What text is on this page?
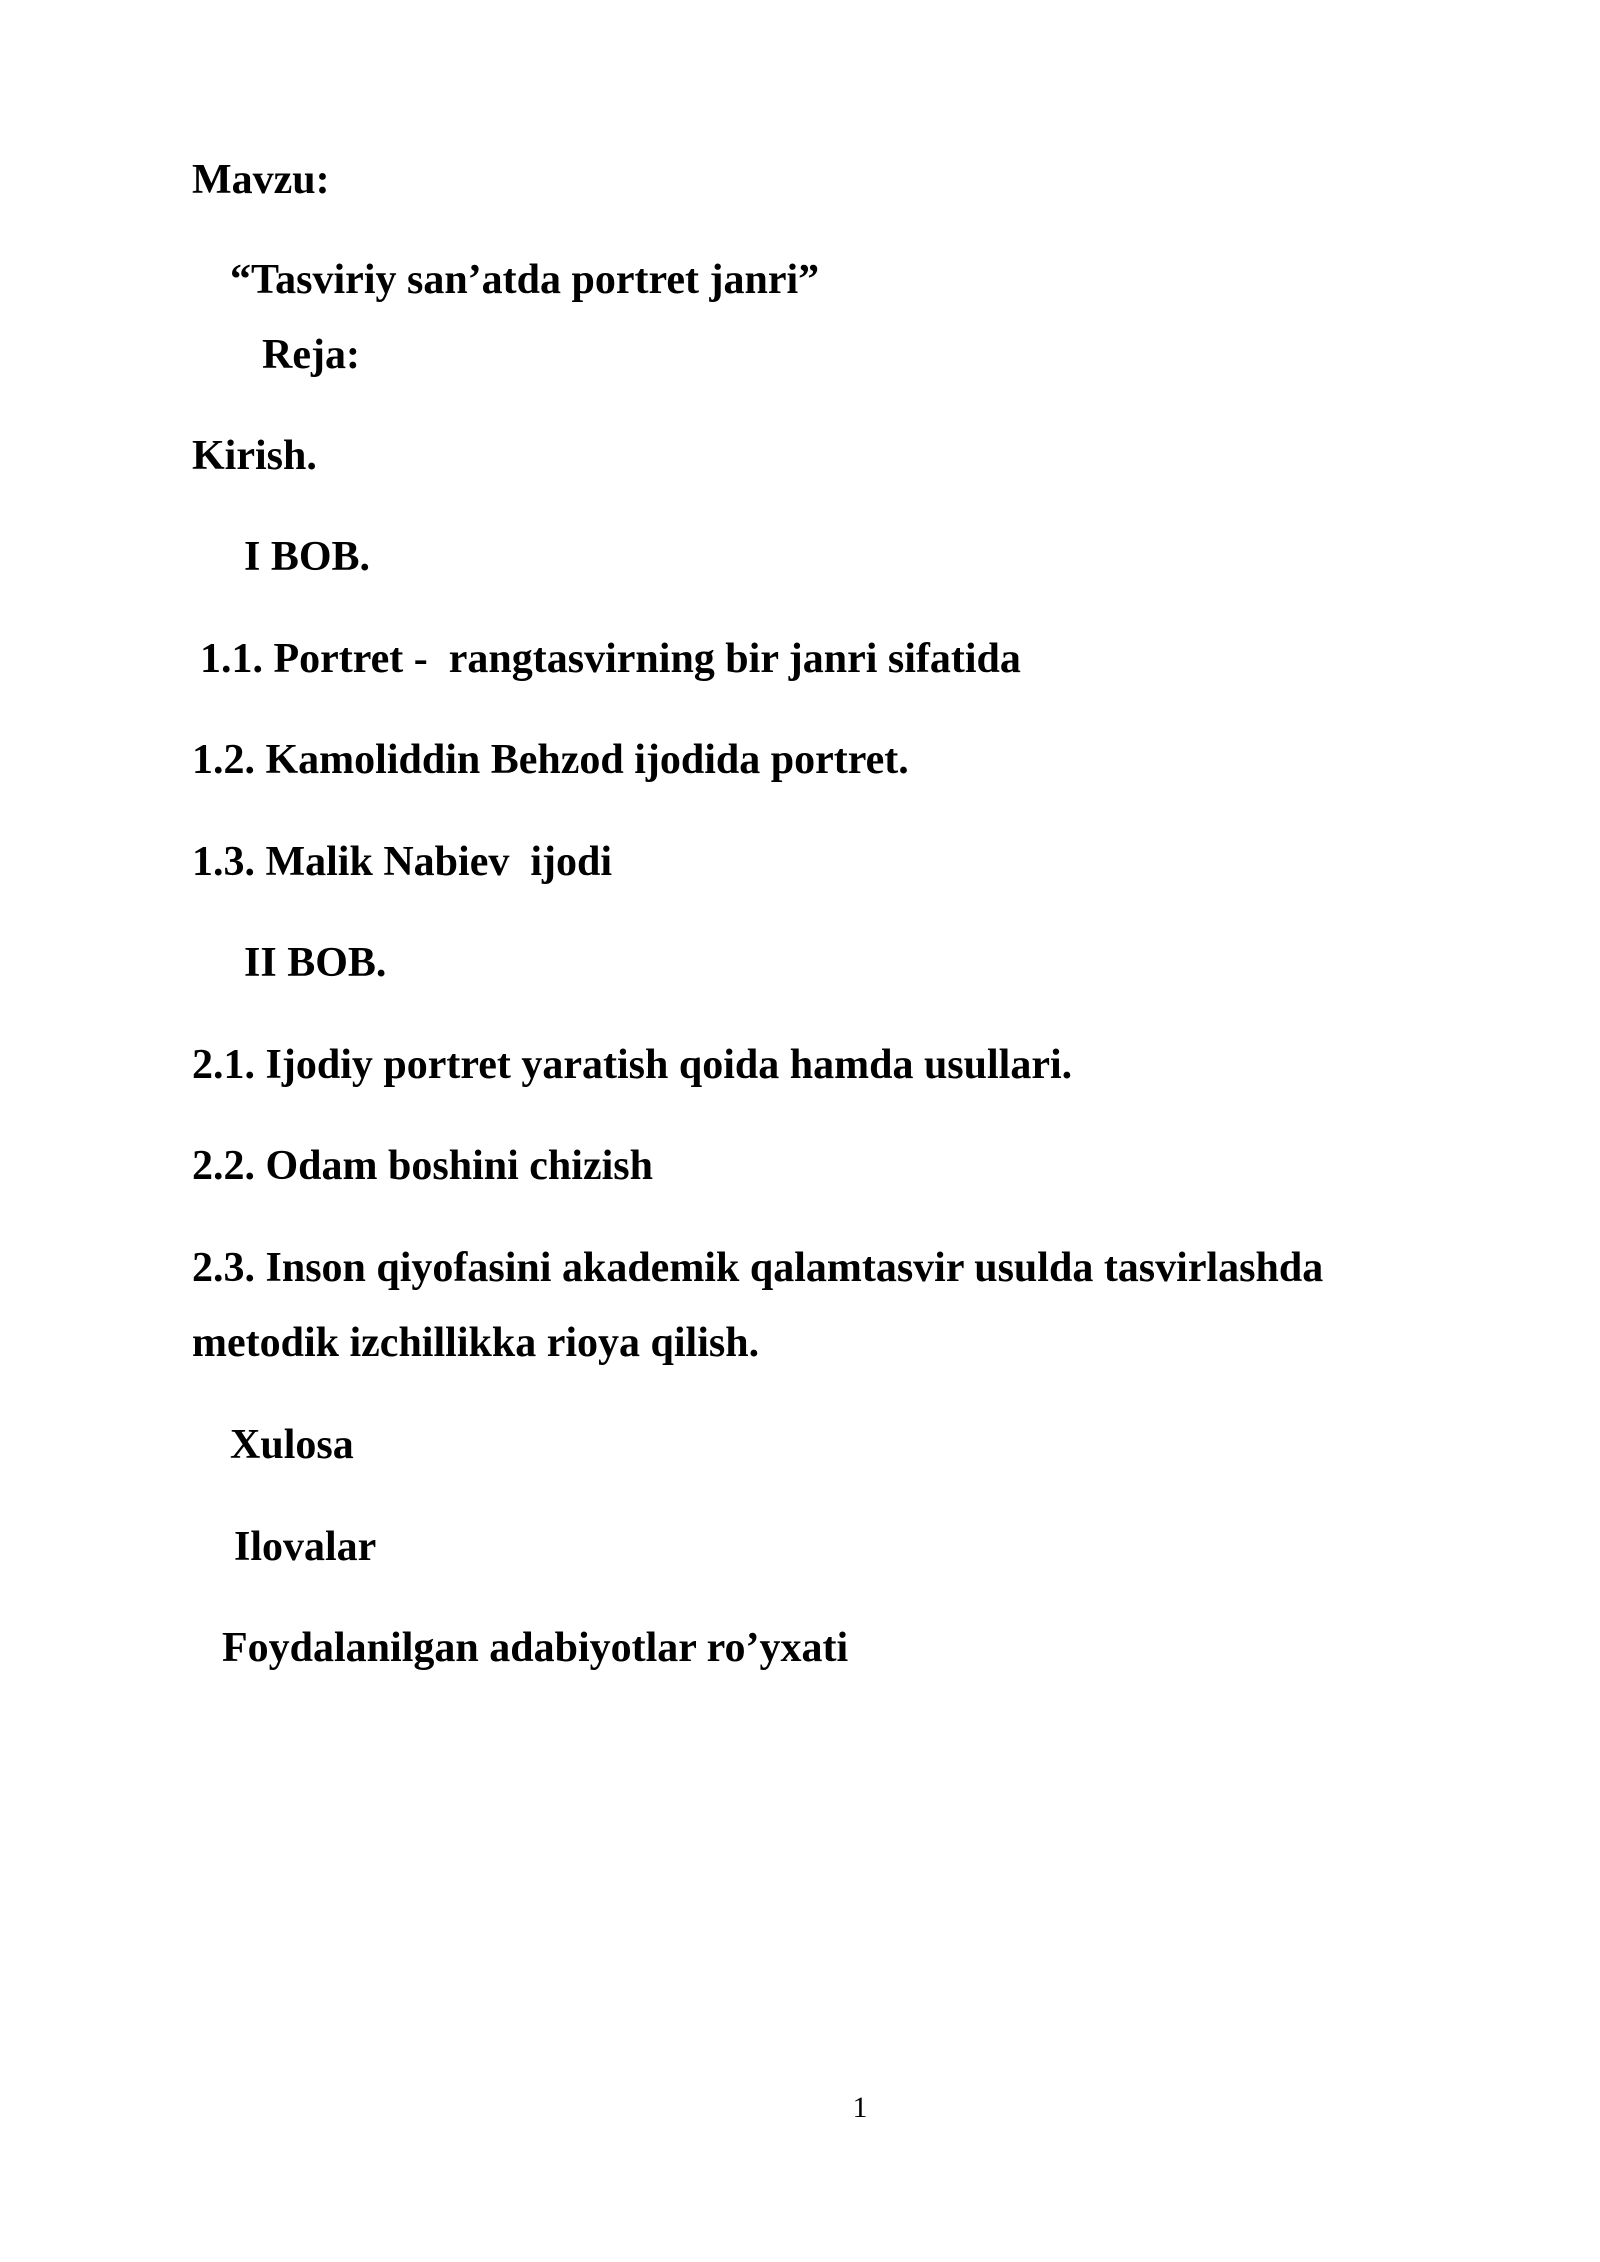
Mavzu:
“Tasviriy san’atda portret janri”
Reja:
Kirish.
I BOB.
1.1. Portret -  rangtasvirning bir janri sifatida
1.2. Kamoliddin Behzod ijodida portret.
1.3. Malik Nabiev  ijodi
II BOB.
2.1. Ijodiy portret yaratish qoida hamda usullari.
2.2. Odam boshini chizish
2.3. Inson qiyofasini akademik qalamtasvir usulda tasvirlashda
metodik izchillikka rioya qilish.
Xulosa
Ilovalar
Foydalanilgan adabiyotlar ro’yxati
1
